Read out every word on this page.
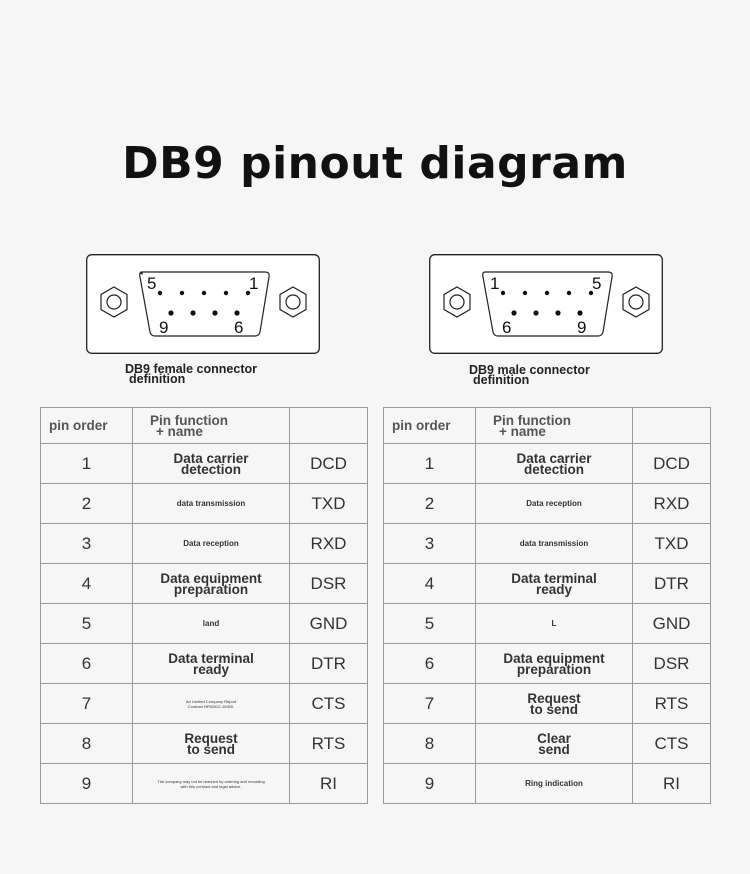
DB9 pinout diagram
5	1
9	6
DB9 female connector
definition
1	5
6	9
DB9 male connector
definition
pin order	Pin function
+ name	

1	Data carrier
detection	DCD
2	data transmission	TXD
3	Data reception	RXD
4	Data equipment
preparation	DSR
5	land	GND
6	Data terminal
ready	DTR
7	Ad Limited Company Report
Contract NP82022-16300.	CTS
8	Request
to send	RTS
9	The company may not be reached by ordering and recording
with this contract and legal advice.	RI
pin order	Pin function
+ name	

1	Data carrier
detection	DCD
2	Data reception	RXD
3	data transmission	TXD
4	Data terminal
ready	DTR
5	L	GND
6	Data equipment
preparation	DSR
7	Request
to send	RTS
8	Clear
send	CTS
9	Ring indication	RI
